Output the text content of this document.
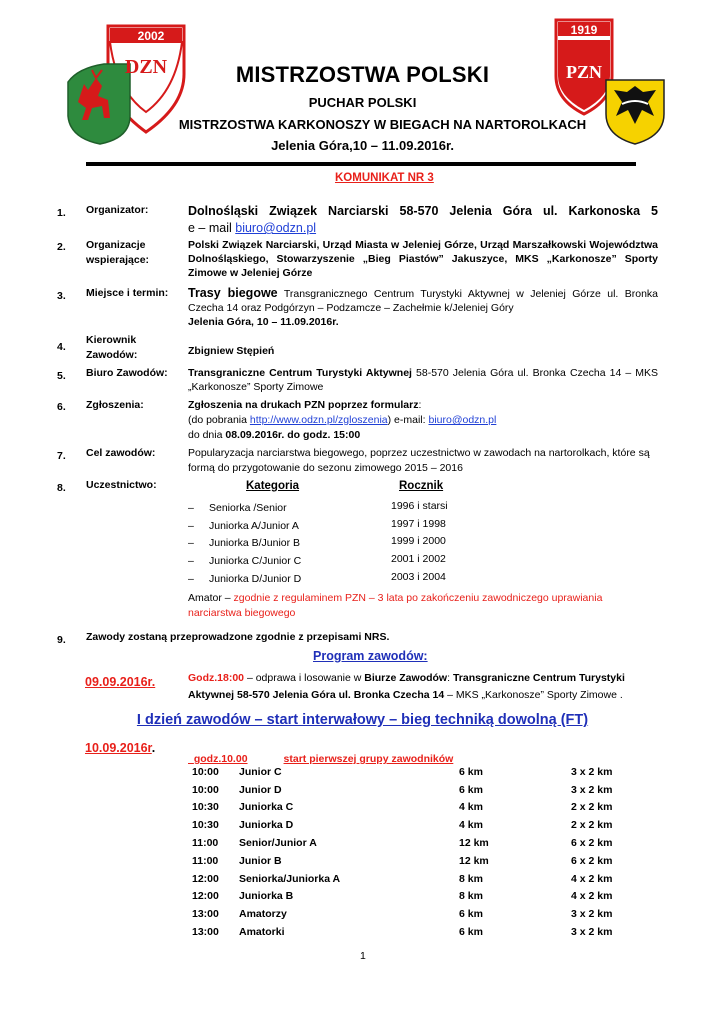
2002
DZN
1919
PZN
MISTRZOSTWA POLSKI
PUCHAR POLSKI
MISTRZOSTWA KARKONOSZY W BIEGACH NA NARTOROLKACH
Jelenia Góra,10 – 11.09.2016r.
KOMUNIKAT NR 3
1. Organizator:	Dolnośląski Związek Narciarski 58-570 Jelenia Góra ul. Karkonoska 5
e – mail biuro@odzn.pl
2. Organizacje
wspierające:
Polski Związek Narciarski, Urząd Miasta w Jeleniej Górze, Urząd Marszałkowski Województwa Dolnośląskiego, Stowarzyszenie „Bieg Piastów” Jakuszyce, MKS „Karkonosze” Sporty Zimowe w Jeleniej Górze
3. Miejsce i termin: Trasy biegowe Transgranicznego Centrum Turystyki Aktywnej w Jeleniej Górze ul. Bronka Czecha 14 oraz Podgórzyn – Podzamcze – Zachełmie k/Jeleniej Góry
Jelenia Góra, 10 – 11.09.2016r.
4.
Kierownik
Zawodów:	Zbigniew Stępień
5. Biuro Zawodów: Transgraniczne Centrum Turystyki Aktywnej 58-570 Jelenia Góra ul. Bronka Czecha 14 – MKS „Karkonosze” Sporty Zimowe
6. Zgłoszenia:	Zgłoszenia na drukach PZN poprzez formularz:
(do pobrania http://www.odzn.pl/zgloszenia) e-mail: biuro@odzn.pl
do dnia 08.09.2016r. do godz. 15:00
7. Cel zawodów:	Popularyzacja narciarstwa biegowego, poprzez uczestnictwo w zawodach na nartorolkach, które są formą do przygotowanie do sezonu zimowego 2015 – 2016
8. Uczestnictwo:	Kategoria	Rocznik
– Seniorka /Senior	1996 i starsi
– Juniorka A/Junior A	1997 i 1998
– Juniorka B/Junior B	1999 i 2000
– Juniorka C/Junior C	2001 i 2002
– Juniorka D/Junior D	2003 i 2004
Amator – zgodnie z regulaminem PZN – 3 lata po zakończeniu zawodniczego uprawiania narciarstwa biegowego
9. Zawody zostaną przeprowadzone zgodnie z przepisami NRS.
Program zawodów:
09.09.2016r.	Godz.18:00 – odprawa i losowanie w Biurze Zawodów: Transgraniczne Centrum Turystyki Aktywnej 58-570 Jelenia Góra ul. Bronka Czecha 14 – MKS „Karkonosze” Sporty Zimowe .
I dzień zawodów – start interwałowy – bieg techniką dowolną (FT)
10.09.2016r.

godz.10.00	start pierwszej grupy zawodników

10:00	Junior C	6 km	3 x 2 km
10:00	Junior D	6 km	3 x 2 km
10:30	Juniorka C	4 km	2 x 2 km
10:30	Juniorka D	4 km	2 x 2 km
11:00	Senior/Junior A	12 km	6 x 2 km
11:00	Junior B	12 km	6 x 2 km
12:00	Seniorka/Juniorka A	8 km	4 x 2 km
12:00	Juniorka B	8 km	4 x 2 km
13:00	Amatorzy	6 km	3 x 2 km
13:00	Amatorki	6 km	3 x 2 km
1
